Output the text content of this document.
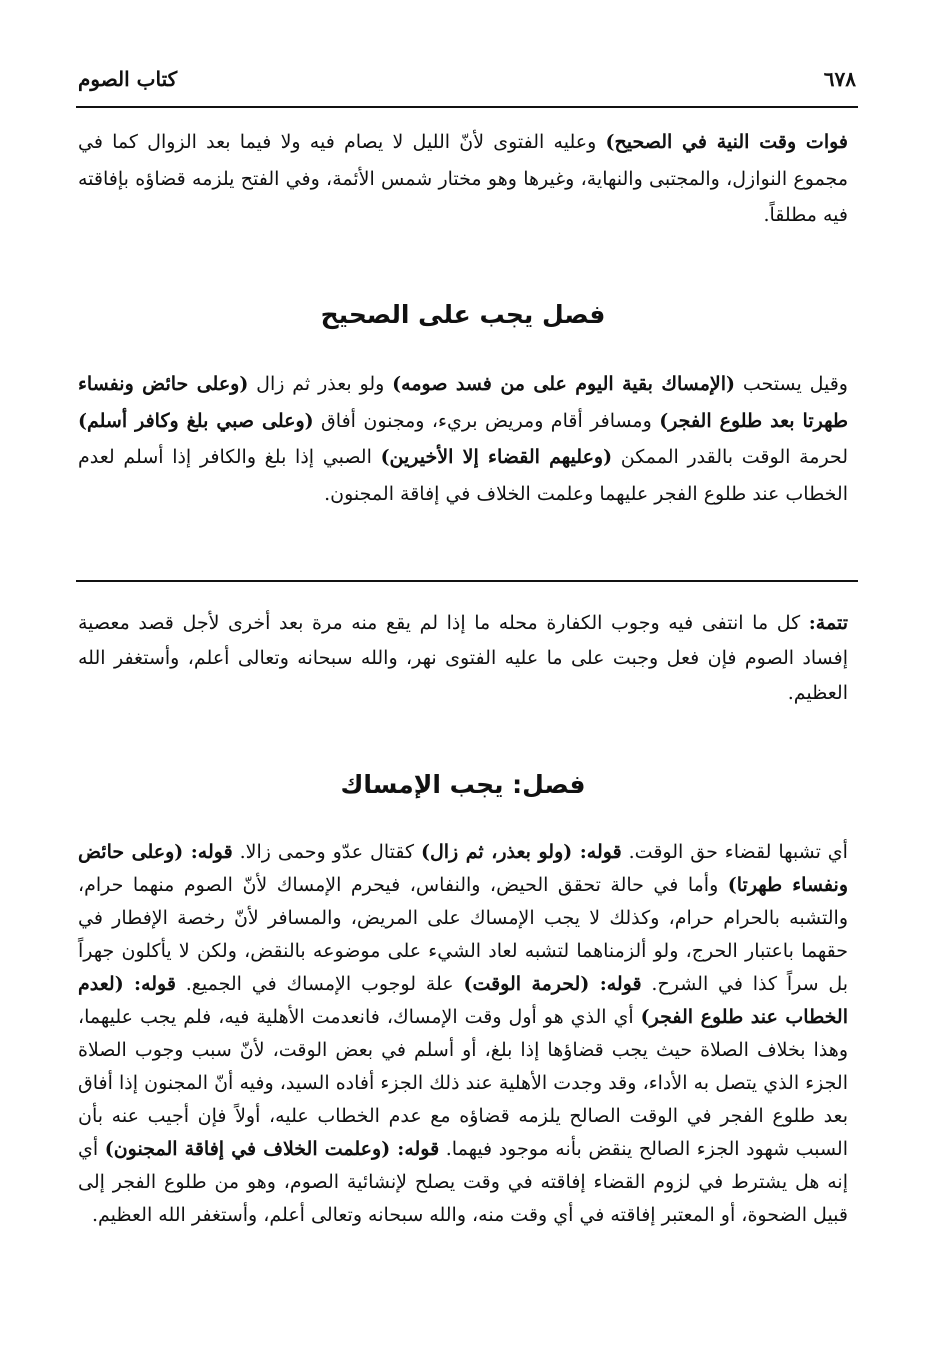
٦٧٨
كتاب الصوم

فوات وقت النية في الصحيح) وعليه الفتوى لأنّ الليل لا يصام فيه ولا فيما بعد الزوال كما في مجموع النوازل، والمجتبى والنهاية، وغيرها وهو مختار شمس الأئمة، وفي الفتح يلزمه قضاؤه بإفاقته فيه مطلقاً.

فصل يجب على الصحيح

وقيل يستحب (الإمساك بقية اليوم على من فسد صومه) ولو بعذر ثم زال (وعلى حائض ونفساء طهرتا بعد طلوع الفجر) ومسافر أقام ومريض بريء، ومجنون أفاق (وعلى صبي بلغ وكافر أسلم) لحرمة الوقت بالقدر الممكن (وعليهم القضاء إلا الأخيرين) الصبي إذا بلغ والكافر إذا أسلم لعدم الخطاب عند طلوع الفجر عليهما وعلمت الخلاف في إفاقة المجنون.

تتمة: كل ما انتفى فيه وجوب الكفارة محله ما إذا لم يقع منه مرة بعد أخرى لأجل قصد معصية إفساد الصوم فإن فعل وجبت على ما عليه الفتوى نهر، والله سبحانه وتعالى أعلم، وأستغفر الله العظيم.

فصل: يجب الإمساك

أي تشبها لقضاء حق الوقت. قوله: (ولو بعذر، ثم زال) كقتال عدّو وحمى زالا. قوله: (وعلى حائض ونفساء طهرتا) وأما في حالة تحقق الحيض، والنفاس، فيحرم الإمساك لأنّ الصوم منهما حرام، والتشبه بالحرام حرام، وكذلك لا يجب الإمساك على المريض، والمسافر لأنّ رخصة الإفطار في حقهما باعتبار الحرج، ولو ألزمناهما لتشبه لعاد الشيء على موضوعه بالنقض، ولكن لا يأكلون جهراً بل سراً كذا في الشرح. قوله: (لحرمة الوقت) علة لوجوب الإمساك في الجميع. قوله: (لعدم الخطاب عند طلوع الفجر) أي الذي هو أول وقت الإمساك، فانعدمت الأهلية فيه، فلم يجب عليهما، وهذا بخلاف الصلاة حيث يجب قضاؤها إذا بلغ، أو أسلم في بعض الوقت، لأنّ سبب وجوب الصلاة الجزء الذي يتصل به الأداء، وقد وجدت الأهلية عند ذلك الجزء أفاده السيد، وفيه أنّ المجنون إذا أفاق بعد طلوع الفجر في الوقت الصالح يلزمه قضاؤه مع عدم الخطاب عليه، أولاً فإن أجيب عنه بأن السبب شهود الجزء الصالح ينقض بأنه موجود فيهما. قوله: (وعلمت الخلاف في إفاقة المجنون) أي إنه هل يشترط في لزوم القضاء إفاقته في وقت يصلح لإنشائية الصوم، وهو من طلوع الفجر إلى قبيل الضحوة، أو المعتبر إفاقته في أي وقت منه، والله سبحانه وتعالى أعلم، وأستغفر الله العظيم.
